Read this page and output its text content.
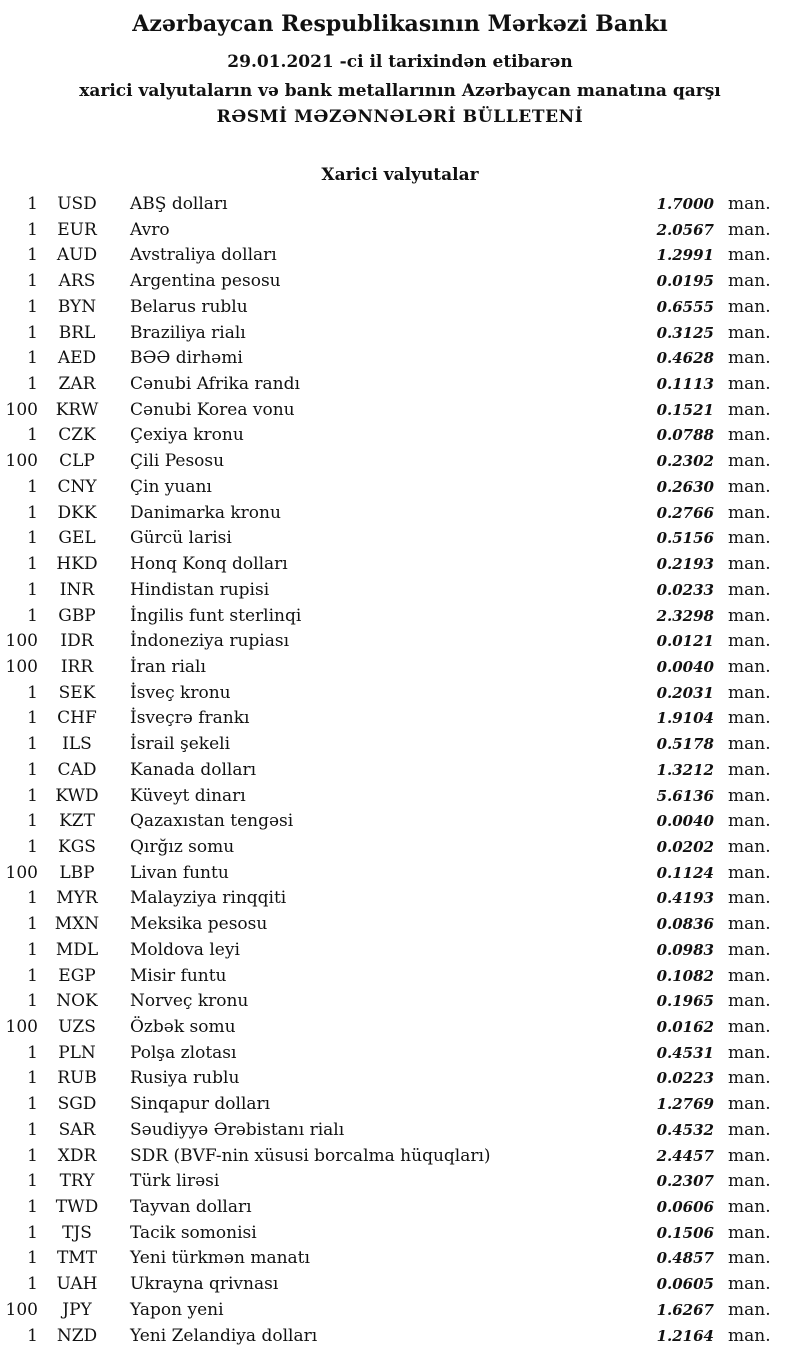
Azərbaycan Respublikasının Mərkəzi Bankı
29.01.2021 -ci il tarixindən etibarən
xarici valyutaların və bank metallarının Azərbaycan manatına qarşı
RƏSMİ MƏZƏNNƏLƏRİ BÜLLETENİ
Xarici valyutalar
1	USD	ABŞ dolları	1.7000 man.
1	EUR	Avro	2.0567 man.
1	AUD	Avstraliya dolları	1.2991 man.
1	ARS	Argentina pesosu	0.0195 man.
1	BYN	Belarus rublu	0.6555 man.
1	BRL	Braziliya rialı	0.3125 man.
1	AED	BƏƏ dirhəmi	0.4628 man.
1	ZAR	Cənubi Afrika randı	0.1113 man.
100	KRW	Cənubi Korea vonu	0.1521 man.
1	CZK	Çexiya kronu	0.0788 man.
100	CLP	Çili Pesosu	0.2302 man.
1	CNY	Çin yuanı	0.2630 man.
1	DKK	Danimarka kronu	0.2766 man.
1	GEL	Gürcü larisi	0.5156 man.
1	HKD	Honq Konq dolları	0.2193 man.
1	INR	Hindistan rupisi	0.0233 man.
1	GBP	İngilis funt sterlinqi	2.3298 man.
100	IDR	İndoneziya rupiası	0.0121 man.
100	IRR	İran rialı	0.0040 man.
1	SEK	İsveç kronu	0.2031 man.
1	CHF	İsveçrə frankı	1.9104 man.
1	ILS	İsrail şekeli	0.5178 man.
1	CAD	Kanada dolları	1.3212 man.
1	KWD	Küveyt dinarı	5.6136 man.
1	KZT	Qazaxıstan tengəsi	0.0040 man.
1	KGS	Qırğız somu	0.0202 man.
100	LBP	Livan funtu	0.1124 man.
1	MYR	Malayziya rinqqiti	0.4193 man.
1 MXN	Meksika pesosu	0.0836 man.
1	MDL	Moldova leyi	0.0983 man.
1	EGP	Misir funtu	0.1082 man.
1	NOK	Norveç kronu	0.1965 man.
100	UZS	Özbək somu	0.0162 man.
1	PLN	Polşa zlotası	0.4531 man.
1	RUB	Rusiya rublu	0.0223 man.
1	SGD	Sinqapur dolları	1.2769 man.
1	SAR	Səudiyyə Ərəbistanı rialı	0.4532 man.
1	XDR	SDR (BVF-nin xüsusi borcalma hüquqları)	2.4457 man.
1	TRY	Türk lirəsi	0.2307 man.
1	TWD	Tayvan dolları	0.0606 man.
1	TJS	Tacik somonisi	0.1506 man.
1	TMT	Yeni türkmən manatı	0.4857 man.
1	UAH	Ukrayna qrivnası	0.0605 man.
100	JPY	Yapon yeni	1.6267 man.
1	NZD	Yeni Zelandiya dolları	1.2164 man.
